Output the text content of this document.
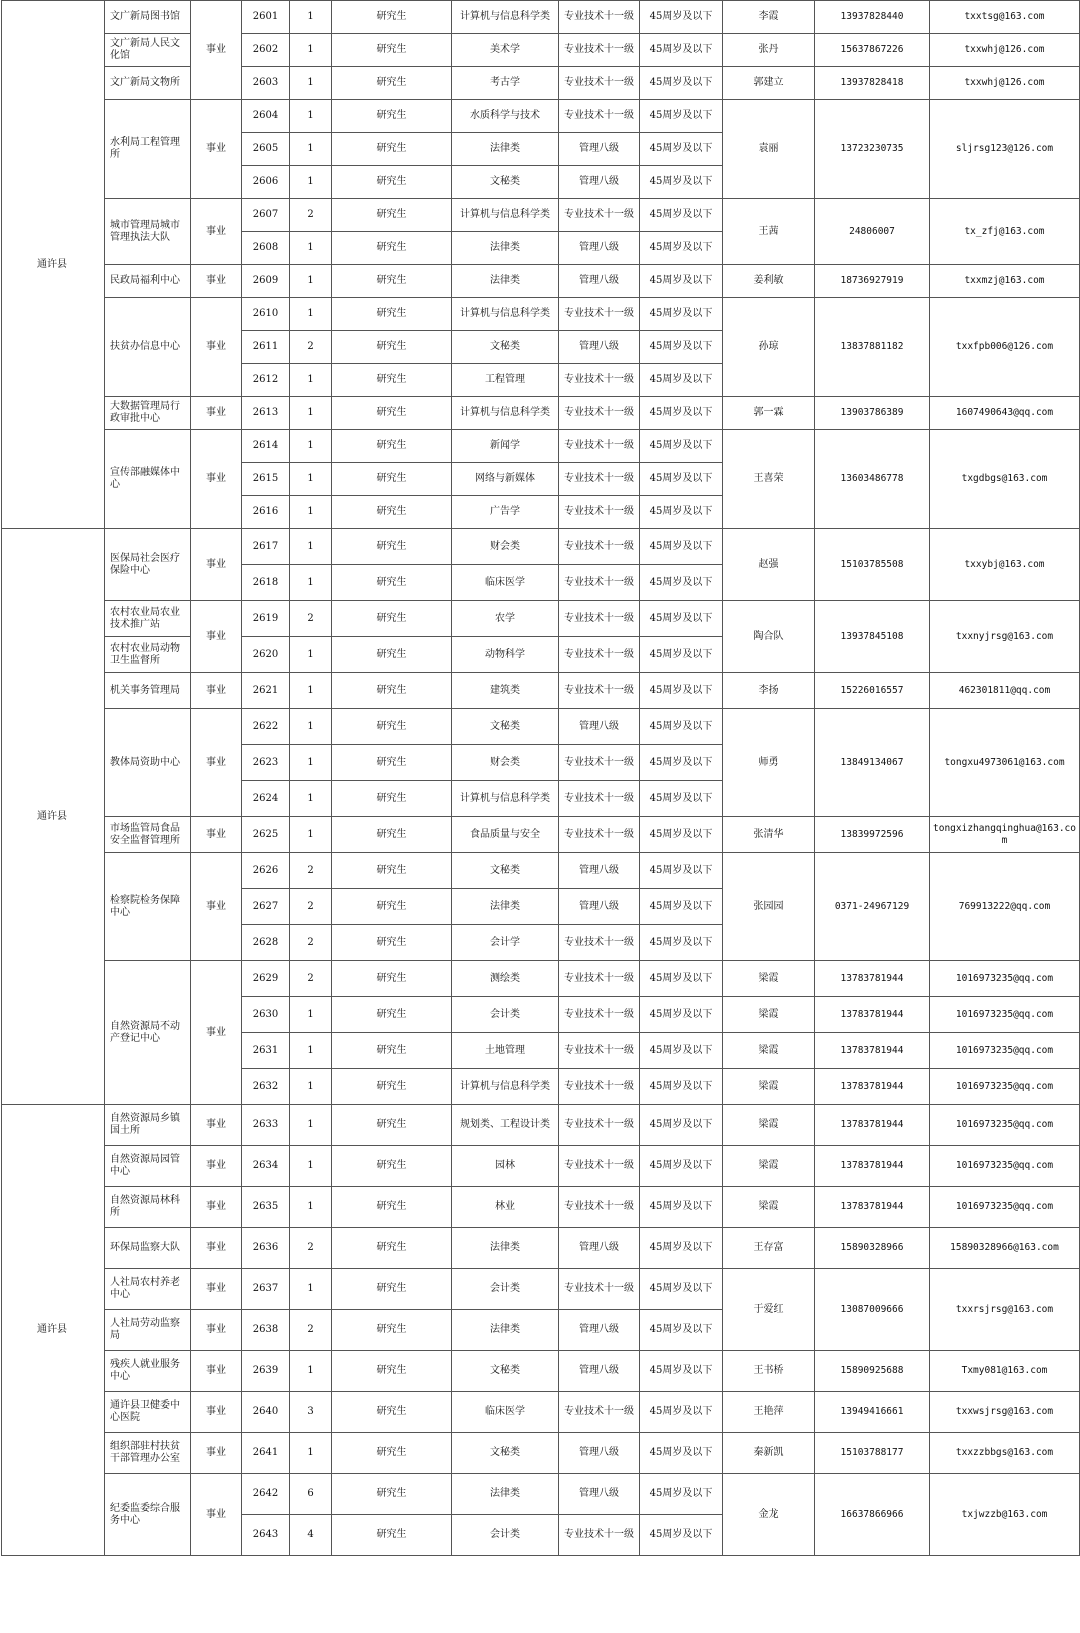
通许县	文广新局图书馆	事业	2601	1	研究生	计算机与信息科学类	专业技术十一级	45周岁及以下	李霞	13937828440	txxtsg@163.com
	文广新局人民文化馆		2602	1	研究生	美术学	专业技术十一级	45周岁及以下	张丹	15637867226	txxwhj@126.com
	文广新局文物所		2603	1	研究生	考古学	专业技术十一级	45周岁及以下	郭建立	13937828418	txxwhj@126.com
	水利局工程管理所	事业	2604	1	研究生	水质科学与技术	专业技术十一级	45周岁及以下	袁丽	13723230735	sljrsg123@126.com
			2605	1	研究生	法律类	管理八级	45周岁及以下			
			2606	1	研究生	文秘类	管理八级	45周岁及以下			
	城市管理局城市管理执法大队	事业	2607	2	研究生	计算机与信息科学类	专业技术十一级	45周岁及以下	王茜	24806007	tx_zfj@163.com
			2608	1	研究生	法律类	管理八级	45周岁及以下			
	民政局福利中心	事业	2609	1	研究生	法律类	管理八级	45周岁及以下	姜利敏	18736927919	txxmzj@163.com
	扶贫办信息中心	事业	2610	1	研究生	计算机与信息科学类	专业技术十一级	45周岁及以下	孙琼	13837881182	txxfpb006@126.com
			2611	2	研究生	文秘类	管理八级	45周岁及以下			
			2612	1	研究生	工程管理	专业技术十一级	45周岁及以下			
	大数据管理局行政审批中心	事业	2613	1	研究生	计算机与信息科学类	专业技术十一级	45周岁及以下	郭一霖	13903786389	1607490643@qq.com
	宣传部融媒体中心	事业	2614	1	研究生	新闻学	专业技术十一级	45周岁及以下	王喜荣	13603486778	txgdbgs@163.com
			2615	1	研究生	网络与新媒体	专业技术十一级	45周岁及以下			
			2616	1	研究生	广告学	专业技术十一级	45周岁及以下			
通许县	医保局社会医疗保险中心	事业	2617	1	研究生	财会类	专业技术十一级	45周岁及以下	赵强	15103785508	txxybj@163.com
			2618	1	研究生	临床医学	专业技术十一级	45周岁及以下			
	农村农业局农业技术推广站	事业	2619	2	研究生	农学	专业技术十一级	45周岁及以下	陶合队	13937845108	txxnyjrsg@163.com
	农村农业局动物卫生监督所		2620	1	研究生	动物科学	专业技术十一级	45周岁及以下			
	机关事务管理局	事业	2621	1	研究生	建筑类	专业技术十一级	45周岁及以下	李扬	15226016557	462301811@qq.com
	教体局资助中心	事业	2622	1	研究生	文秘类	管理八级	45周岁及以下	师勇	13849134067	tongxu4973061@163.com
			2623	1	研究生	财会类	专业技术十一级	45周岁及以下			
			2624	1	研究生	计算机与信息科学类	专业技术十一级	45周岁及以下			
	市场监管局食品安全监督管理所	事业	2625	1	研究生	食品质量与安全	专业技术十一级	45周岁及以下	张清华	13839972596	tongxizhangqinghua@163.com
	检察院检务保障中心	事业	2626	2	研究生	文秘类	管理八级	45周岁及以下	张园园	0371-24967129	769913222@qq.com
			2627	2	研究生	法律类	管理八级	45周岁及以下			
			2628	2	研究生	会计学	专业技术十一级	45周岁及以下			
	自然资源局不动产登记中心	事业	2629	2	研究生	测绘类	专业技术十一级	45周岁及以下	梁霞	13783781944	1016973235@qq.com
			2630	1	研究生	会计类	专业技术十一级	45周岁及以下	梁霞	13783781944	1016973235@qq.com
			2631	1	研究生	土地管理	专业技术十一级	45周岁及以下	梁霞	13783781944	1016973235@qq.com
			2632	1	研究生	计算机与信息科学类	专业技术十一级	45周岁及以下	梁霞	13783781944	1016973235@qq.com
通许县	自然资源局乡镇国土所	事业	2633	1	研究生	规划类、工程设计类	专业技术十一级	45周岁及以下	梁霞	13783781944	1016973235@qq.com
	自然资源局园管中心	事业	2634	1	研究生	园林	专业技术十一级	45周岁及以下	梁霞	13783781944	1016973235@qq.com
	自然资源局林科所	事业	2635	1	研究生	林业	专业技术十一级	45周岁及以下	梁霞	13783781944	1016973235@qq.com
	环保局监察大队	事业	2636	2	研究生	法律类	管理八级	45周岁及以下	王存富	15890328966	15890328966@163.com
	人社局农村养老中心	事业	2637	1	研究生	会计类	专业技术十一级	45周岁及以下	于爱红	13087009666	txxrsjrsg@163.com
	人社局劳动监察局	事业	2638	2	研究生	法律类	管理八级	45周岁及以下			
	残疾人就业服务中心	事业	2639	1	研究生	文秘类	管理八级	45周岁及以下	王书桥	15890925688	Txmy081@163.com
	通许县卫健委中心医院	事业	2640	3	研究生	临床医学	专业技术十一级	45周岁及以下	王艳萍	13949416661	txxwsjrsg@163.com
	组织部驻村扶贫干部管理办公室	事业	2641	1	研究生	文秘类	管理八级	45周岁及以下	秦新凯	15103788177	txxzzbbgs@163.com
	纪委监委综合服务中心	事业	2642	6	研究生	法律类	管理八级	45周岁及以下	金龙	16637866966	txjwzzb@163.com
			2643	4	研究生	会计类	专业技术十一级	45周岁及以下			
